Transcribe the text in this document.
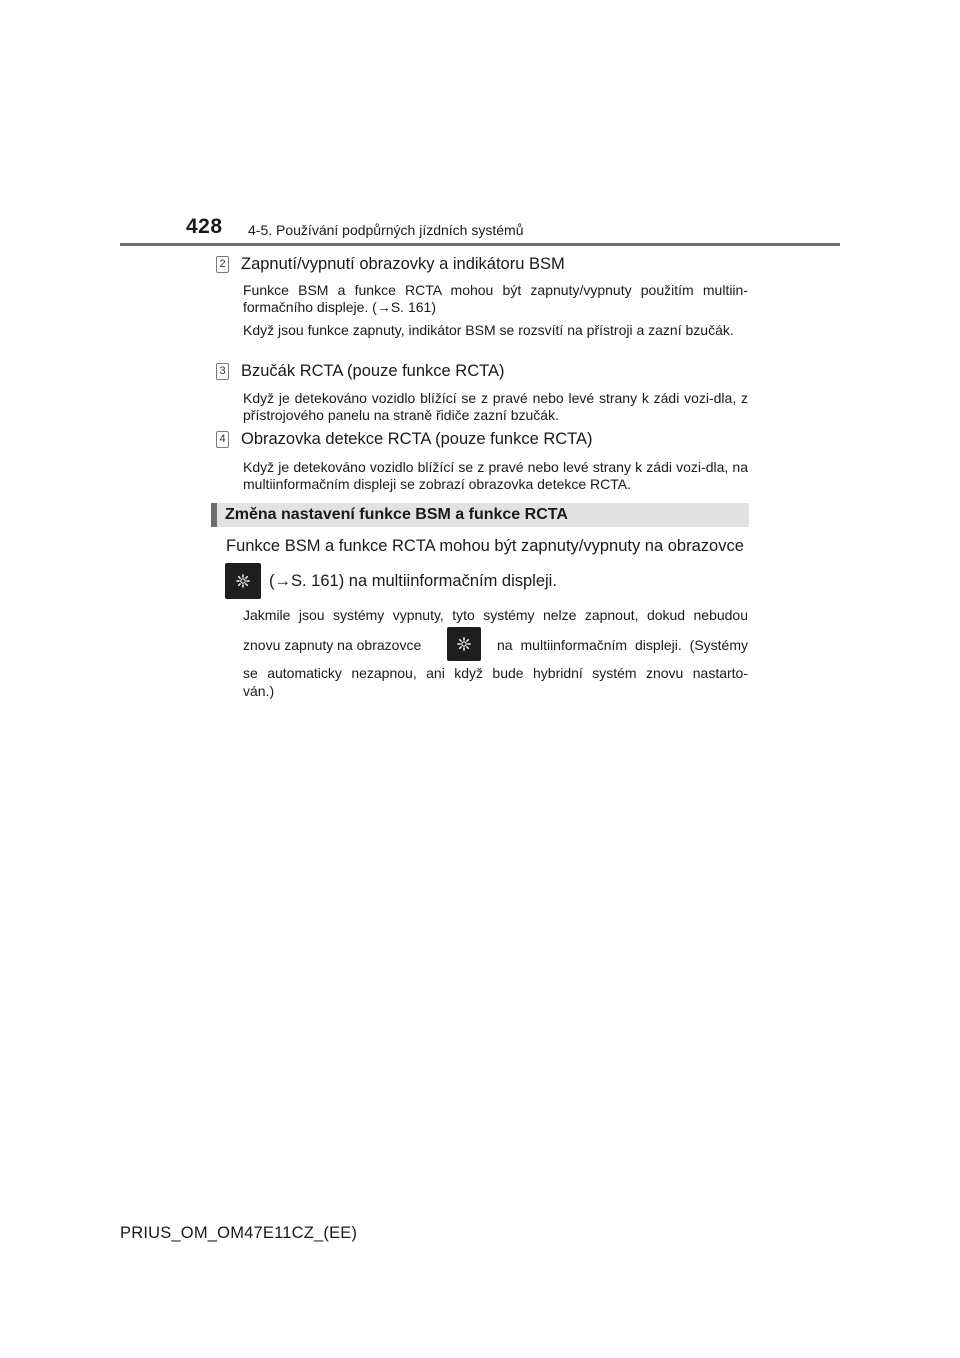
428 4-5. Používání podpůrných jízdních systémů
2 Zapnutí/vypnutí obrazovky a indikátoru BSM

Funkce BSM a funkce RCTA mohou být zapnuty/vypnuty použitím multiin-formačního displeje. (→S. 161)

Když jsou funkce zapnuty, indikátor BSM se rozsvítí na přístroji a zazní bzučák.

3 Bzučák RCTA (pouze funkce RCTA)

Když je detekováno vozidlo blížící se z pravé nebo levé strany k zádi vozi-dla, z přístrojového panelu na straně řidiče zazní bzučák.

4 Obrazovka detekce RCTA (pouze funkce RCTA)

Když je detekováno vozidlo blížící se z pravé nebo levé strany k zádi vozi-dla, na multiinformačním displeji se zobrazí obrazovka detekce RCTA.

Změna nastavení funkce BSM a funkce RCTA
Funkce BSM a funkce RCTA mohou být zapnuty/vypnuty na obrazovce
(→S. 161) na multiinformačním displeji.
Jakmile jsou systémy vypnuty, tyto systémy nelze zapnout, dokud nebudou
znovu zapnuty na obrazovce	na multiinformačním displeji. (Systémy
se automaticky nezapnou, ani když bude hybridní systém znovu nastarto-
ván.)
PRIUS_OM_OM47E11CZ_(EE)
